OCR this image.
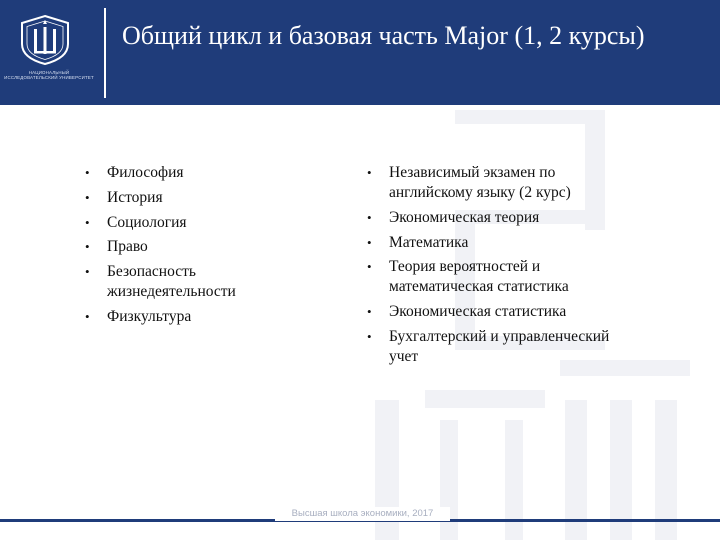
НАЦИОНАЛЬНЫЙ ИССЛЕДОВАТЕЛЬСКИЙ УНИВЕРСИТЕТ
Общий цикл и базовая часть Major (1, 2 курсы)
• Философия
• История
• Социология
• Право
• Безопасность жизнедеятельности
• Физкультура
• Независимый экзамен по английскому языку (2 курс)
• Экономическая теория
• Математика
• Теория вероятностей и математическая статистика
• Экономическая статистика
• Бухгалтерский и управленческий учет
Высшая школа экономики, 2017
